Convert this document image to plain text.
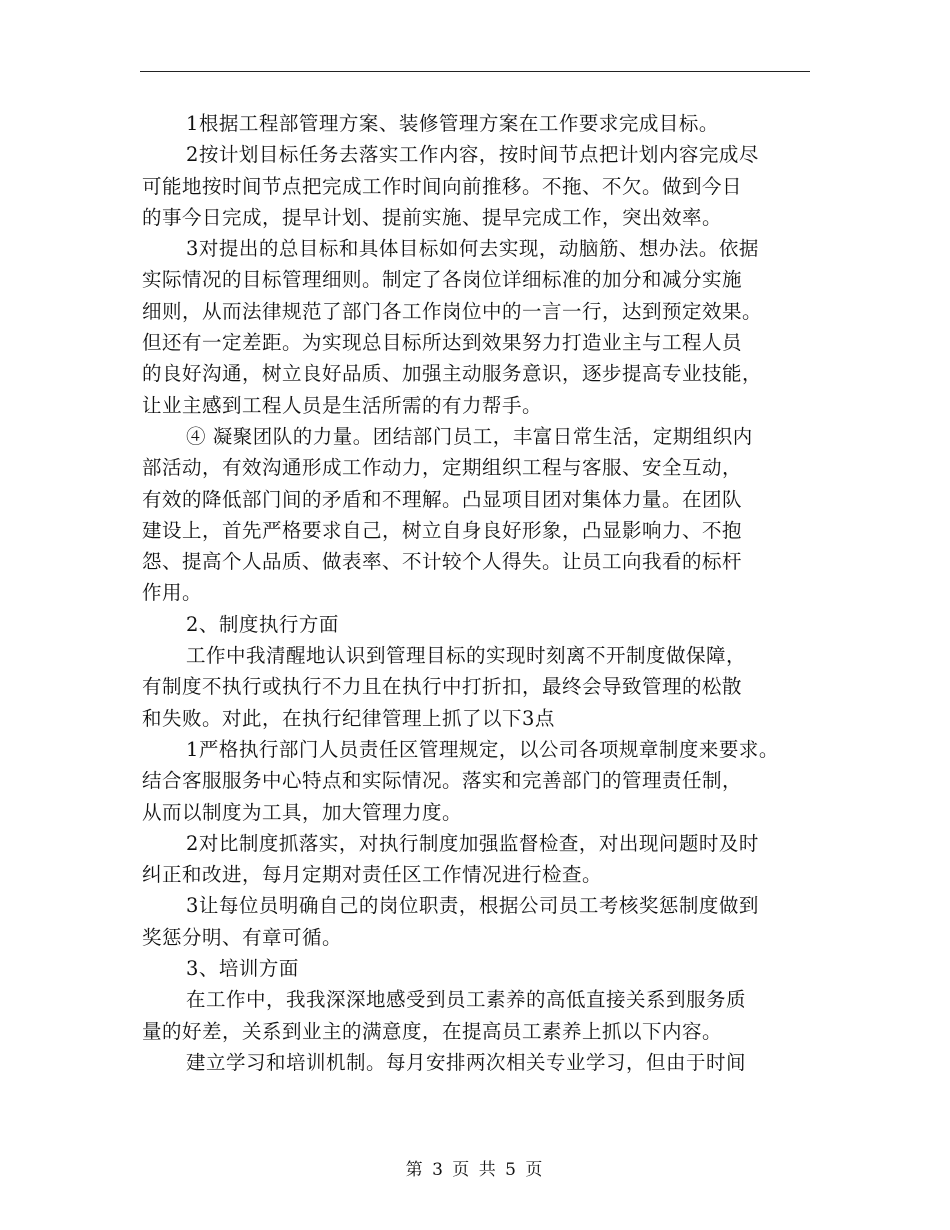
1根据工程部管理方案、装修管理方案在工作要求完成目标。
2按计划目标任务去落实工作内容，按时间节点把计划内容完成尽
可能地按时间节点把完成工作时间向前推移。不拖、不欠。做到今日
的事今日完成，提早计划、提前实施、提早完成工作，突出效率。
3对提出的总目标和具体目标如何去实现，动脑筋、想办法。依据
实际情况的目标管理细则。制定了各岗位详细标准的加分和减分实施
细则，从而法律规范了部门各工作岗位中的一言一行，达到预定效果。
但还有一定差距。为实现总目标所达到效果努力打造业主与工程人员
的良好沟通，树立良好品质、加强主动服务意识，逐步提高专业技能，
让业主感到工程人员是生活所需的有力帮手。
④ 凝聚团队的力量。团结部门员工，丰富日常生活，定期组织内
部活动，有效沟通形成工作动力，定期组织工程与客服、安全互动，
有效的降低部门间的矛盾和不理解。凸显项目团对集体力量。在团队
建设上，首先严格要求自己，树立自身良好形象，凸显影响力、不抱
怨、提高个人品质、做表率、不计较个人得失。让员工向我看的标杆
作用。
2、制度执行方面
工作中我清醒地认识到管理目标的实现时刻离不开制度做保障，
有制度不执行或执行不力且在执行中打折扣，最终会导致管理的松散
和失败。对此，在执行纪律管理上抓了以下3点
1严格执行部门人员责任区管理规定，以公司各项规章制度来要求。
结合客服服务中心特点和实际情况。落实和完善部门的管理责任制，
从而以制度为工具，加大管理力度。
2对比制度抓落实，对执行制度加强监督检查，对出现问题时及时
纠正和改进，每月定期对责任区工作情况进行检查。
3让每位员明确自己的岗位职责，根据公司员工考核奖惩制度做到
奖惩分明、有章可循。
3、培训方面
在工作中，我我深深地感受到员工素养的高低直接关系到服务质
量的好差，关系到业主的满意度，在提高员工素养上抓以下内容。
建立学习和培训机制。每月安排两次相关专业学习，但由于时间
第 3 页 共 5 页
